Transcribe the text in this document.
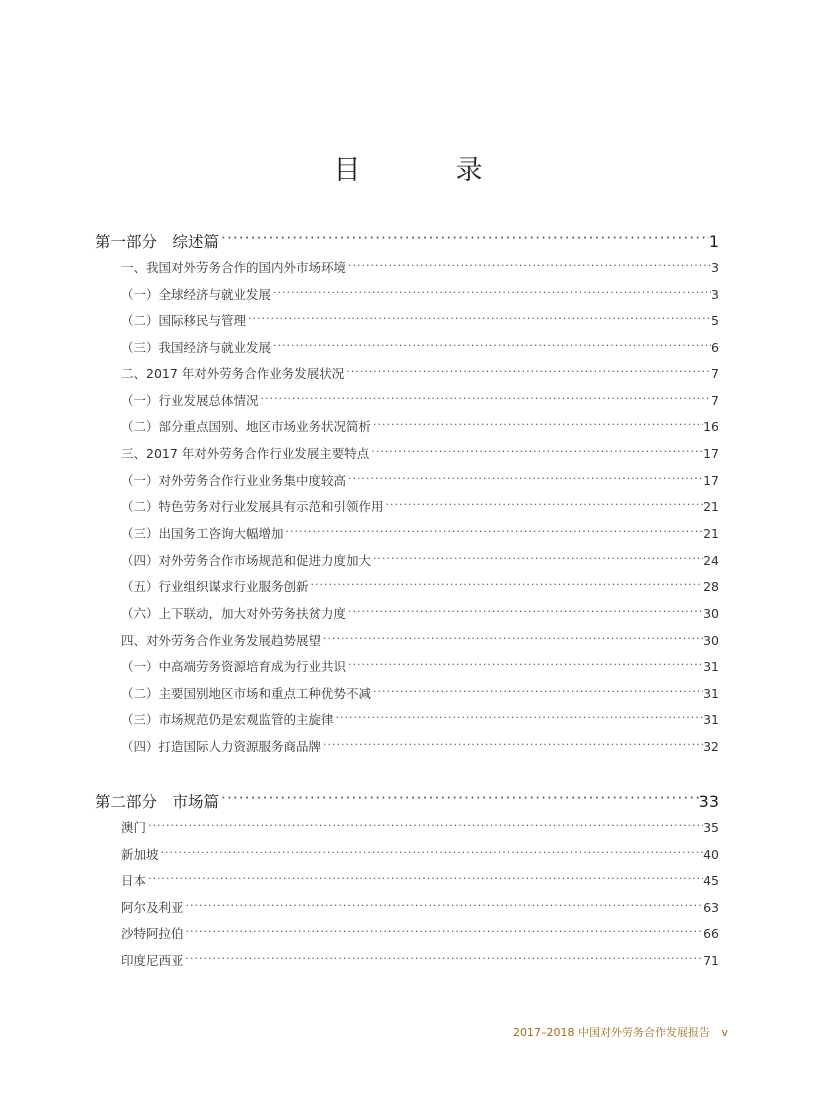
目　录
第一部分　综述篇 ·····	1
一、我国对外劳务合作的国内外市场环境 ·····	3
（一）全球经济与就业发展 ·····	3
（二）国际移民与管理 ·····	5
（三）我国经济与就业发展 ·····	6
二、2017 年对外劳务合作业务发展状况 ·····	7
（一）行业发展总体情况 ·····	7
（二）部分重点国别、地区市场业务状况简析 ·····	16
三、2017 年对外劳务合作行业发展主要特点 ·····	17
（一）对外劳务合作行业业务集中度较高 ·····	17
（二）特色劳务对行业发展具有示范和引领作用 ·····	21
（三）出国务工咨询大幅增加 ·····	21
（四）对外劳务合作市场规范和促进力度加大 ·····	24
（五）行业组织谋求行业服务创新 ·····	28
（六）上下联动，加大对外劳务扶贫力度 ·····	30
四、对外劳务合作业务发展趋势展望 ·····	30
（一）中高端劳务资源培育成为行业共识 ·····	31
（二）主要国别地区市场和重点工种优势不减 ·····	31
（三）市场规范仍是宏观监管的主旋律 ·····	31
（四）打造国际人力资源服务商品牌 ·····	32
第二部分　市场篇 ·····	33
澳门 ·····	35
新加坡 ·····	40
日本 ·····	45
阿尔及利亚 ·····	63
沙特阿拉伯 ·····	66
印度尼西亚 ·····	71
2017–2018 中国对外劳务合作发展报告 v
